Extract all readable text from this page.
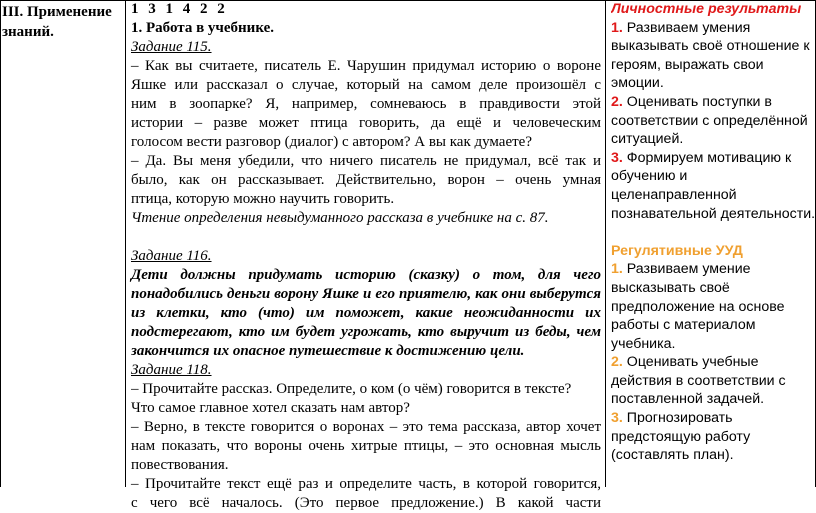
III. Применение
знаний.
1 3 1 4 2 2
1. Работа в учебнике.
Задание 115.
– Как вы считаете, писатель Е. Чарушин придумал историю о вороне
Яшке или рассказал о случае, который на самом деле произошёл с
ним в зоопарке? Я, например, сомневаюсь в правдивости этой
истории – разве может птица говорить, да ещё и человеческим
голосом вести разговор (диалог) с автором? А вы как думаете?
– Да. Вы меня убедили, что ничего писатель не придумал, всё так и
было, как он рассказывает. Действительно, ворон – очень умная
птица, которую можно научить говорить.
Чтение определения невыдуманного рассказа в учебнике на с. 87.
Задание 116.
Дети должны придумать историю (сказку) о том, для чего
понадобились деньги ворону Яшке и его приятелю, как они выберутся
из клетки, кто (что) им поможет, какие неожиданности их
подстерегают, кто им будет угрожать, кто выручит из беды, чем
закончится их опасное путешествие к достижению цели.
Задание 118.
– Прочитайте рассказ. Определите, о ком (о чём) говорится в тексте?
Что самое главное хотел сказать нам автор?
– Верно, в тексте говорится о воронах – это тема рассказа, автор хочет
нам показать, что вороны очень хитрые птицы, – это основная мысль
повествования.
– Прочитайте текст ещё раз и определите часть, в которой говорится,
с чего всё началось. (Это первое предложение.) В какой части
Личностные результаты
1. Развиваем умения
выказывать своё отношение к
героям, выражать свои
эмоции.
2. Оценивать поступки в
соответствии с определённой
ситуацией.
3. Формируем мотивацию к
обучению и
целенаправленной
познавательной деятельности.
Регулятивные УУД
1. Развиваем умение
высказывать своё
предположение на основе
работы с материалом
учебника.
2. Оценивать учебные
действия в соответствии с
поставленной задачей.
3. Прогнозировать
предстоящую работу
(составлять план).
